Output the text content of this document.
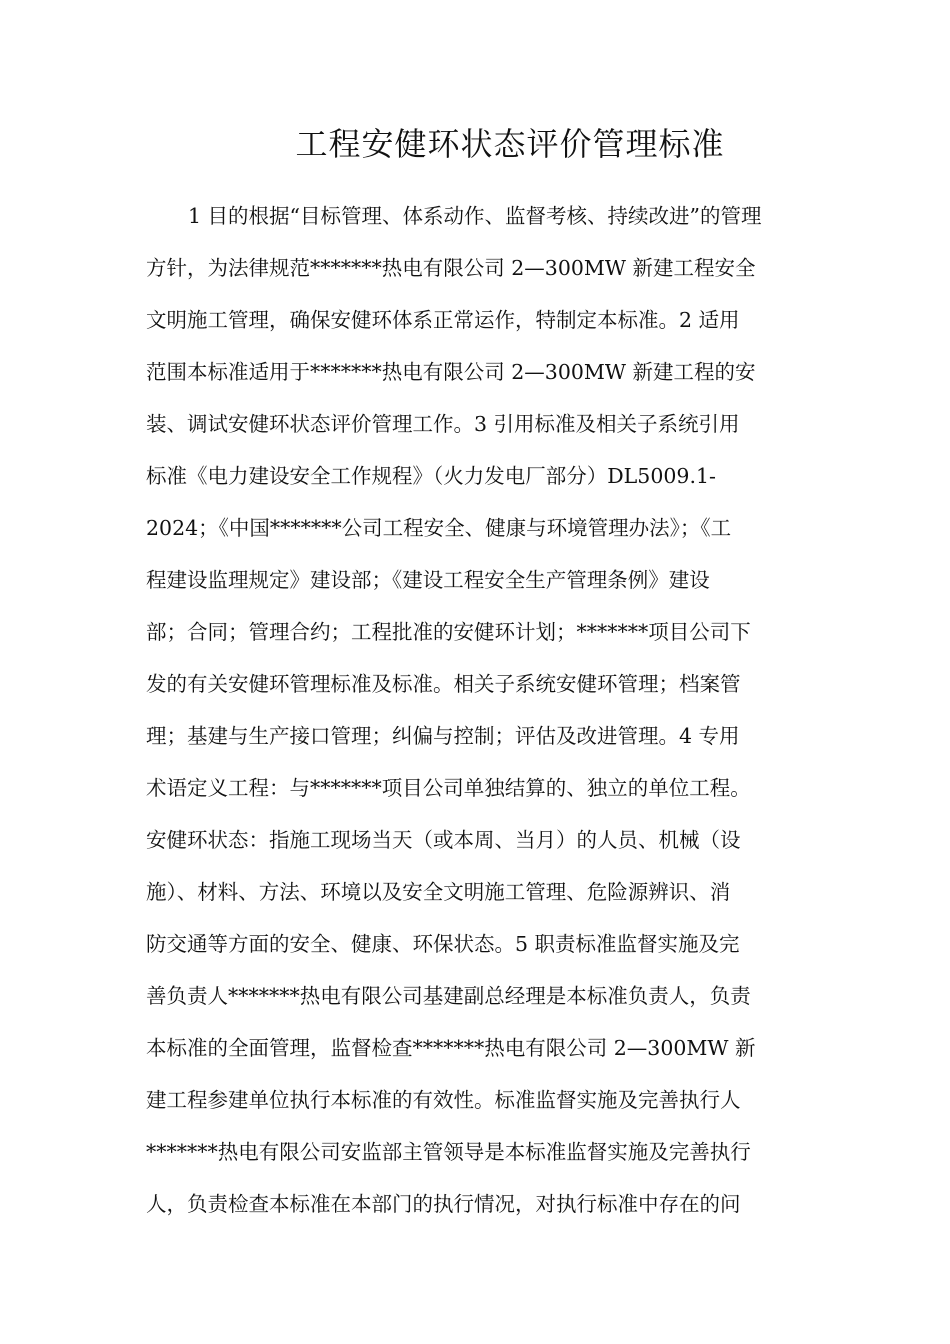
工程安健环状态评价管理标准
1 目的根据“目标管理、体系动作、监督考核、持续改进”的管理
方针，为法律规范*******热电有限公司 2—300MW 新建工程安全
文明施工管理，确保安健环体系正常运作，特制定本标准。2 适用
范围本标准适用于*******热电有限公司 2—300MW 新建工程的安
装、调试安健环状态评价管理工作。3 引用标准及相关子系统引用
标准《电力建设安全工作规程》（火力发电厂部分）DL5009.1-
2024；《中国*******公司工程安全、健康与环境管理办法》；《工
程建设监理规定》建设部；《建设工程安全生产管理条例》建设
部；合同；管理合约；工程批准的安健环计划；*******项目公司下
发的有关安健环管理标准及标准。相关子系统安健环管理；档案管
理；基建与生产接口管理；纠偏与控制；评估及改进管理。4 专用
术语定义工程：与*******项目公司单独结算的、独立的单位工程。
安健环状态：指施工现场当天（或本周、当月）的人员、机械（设
施）、材料、方法、环境以及安全文明施工管理、危险源辨识、消
防交通等方面的安全、健康、环保状态。5 职责标准监督实施及完
善负责人*******热电有限公司基建副总经理是本标准负责人，负责
本标准的全面管理，监督检查*******热电有限公司 2—300MW 新
建工程参建单位执行本标准的有效性。标准监督实施及完善执行人
*******热电有限公司安监部主管领导是本标准监督实施及完善执行
人，负责检查本标准在本部门的执行情况，对执行标准中存在的问
